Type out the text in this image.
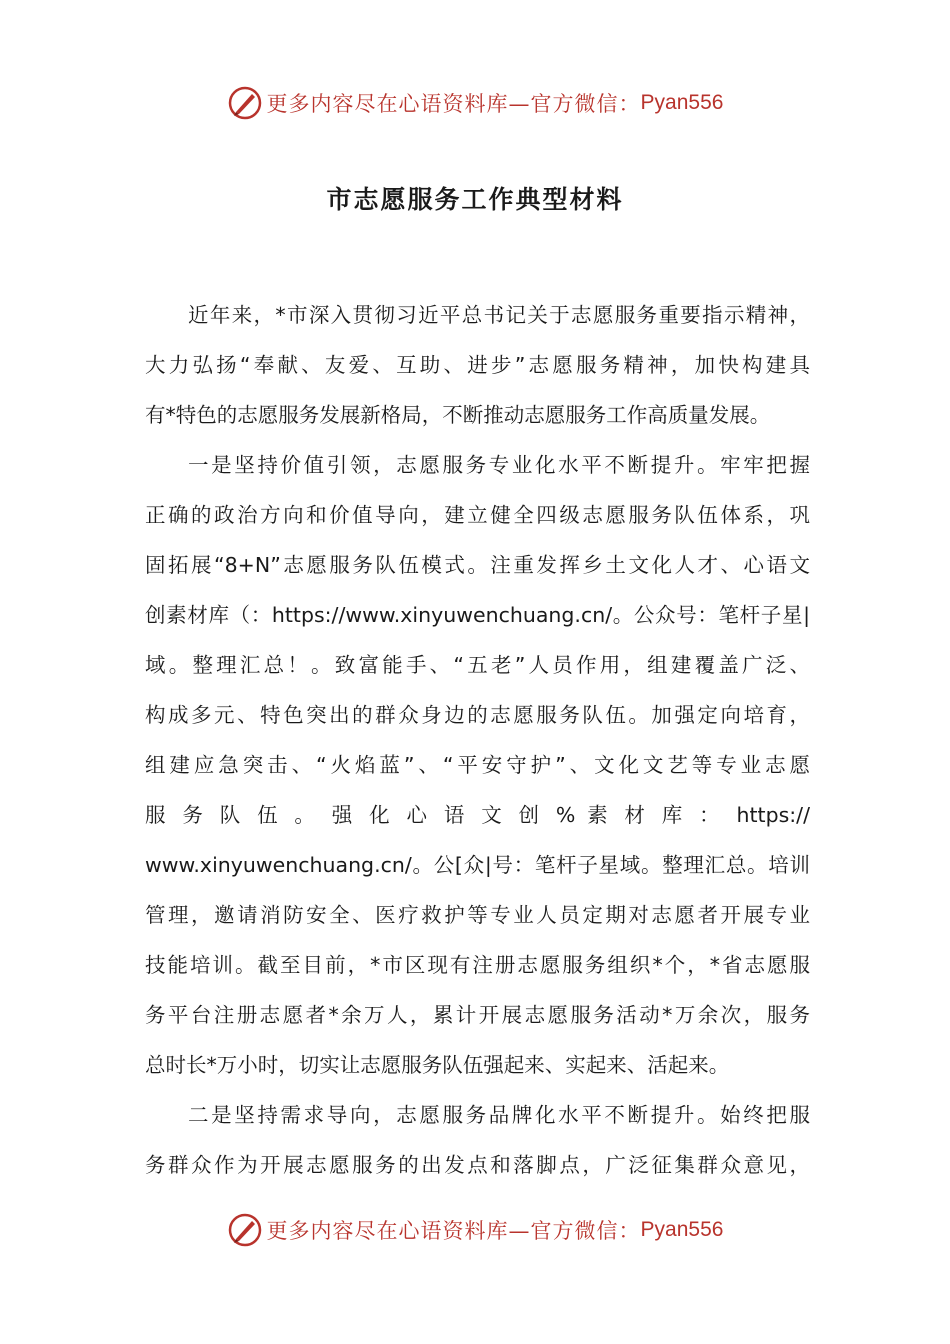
更多内容尽在心语资料库—官方微信： Pyan556
市志愿服务工作典型材料
近年来，*市深入贯彻习近平总书记关于志愿服务重要指示精神，
大力弘扬“奉献、友爱、互助、进步”志愿服务精神，加快构建具
有*特色的志愿服务发展新格局，不断推动志愿服务工作高质量发展。
一是坚持价值引领，志愿服务专业化水平不断提升。牢牢把握
正确的政治方向和价值导向，建立健全四级志愿服务队伍体系，巩
固拓展“8+N”志愿服务队伍模式。注重发挥乡土文化人才、心语文
创素材库（：https://www.xinyuwenchuang.cn/。公众号：笔杆子星|
域。整理汇总！。致富能手、“五老”人员作用，组建覆盖广泛、
构成多元、特色突出的群众身边的志愿服务队伍。加强定向培育，
组建应急突击、“火焰蓝”、“平安守护”、文化文艺等专业志愿
服 务 队 伍 。 强 化 心 语 文 创 % 素 材 库 ： https://
www.xinyuwenchuang.cn/。公[众|号：笔杆子星域。整理汇总。培训
管理，邀请消防安全、医疗救护等专业人员定期对志愿者开展专业
技能培训。截至目前，*市区现有注册志愿服务组织*个，*省志愿服
务平台注册志愿者*余万人，累计开展志愿服务活动*万余次，服务
总时长*万小时，切实让志愿服务队伍强起来、实起来、活起来。
二是坚持需求导向，志愿服务品牌化水平不断提升。始终把服
务群众作为开展志愿服务的出发点和落脚点，广泛征集群众意见，
更多内容尽在心语资料库—官方微信： Pyan556
